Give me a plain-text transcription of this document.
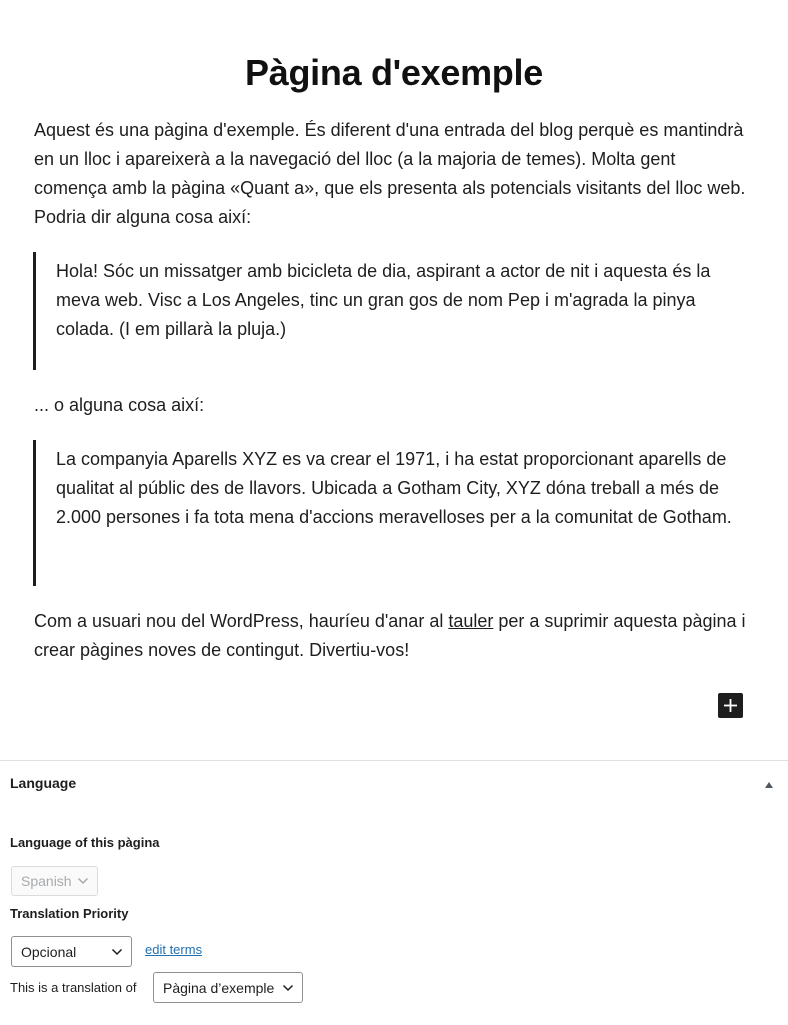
Pàgina d'exemple

Aquest és una pàgina d'exemple. És diferent d'una entrada del blog perquè es mantindrà en un lloc i apareixerà a la navegació del lloc (a la majoria de temes). Molta gent comença amb la pàgina «Quant a», que els presenta als potencials visitants del lloc web. Podria dir alguna cosa així:

Hola! Sóc un missatger amb bicicleta de dia, aspirant a actor de nit i aquesta és la meva web. Visc a Los Angeles, tinc un gran gos de nom Pep i m'agrada la pinya colada. (I em pillarà la pluja.)

... o alguna cosa així:

La companyia Aparells XYZ es va crear el 1971, i ha estat proporcionant aparells de qualitat al públic des de llavors. Ubicada a Gotham City, XYZ dóna treball a més de 2.000 persones i fa tota mena d'accions meravelloses per a la comunitat de Gotham.

Com a usuari nou del WordPress, hauríeu d'anar al tauler per a suprimir aquesta pàgina i crear pàgines noves de contingut. Divertiu-vos!

Language
Language of this pàgina
Spanish
Translation Priority
Opcional	edit terms
This is a translation of Pàgina d’exemple
